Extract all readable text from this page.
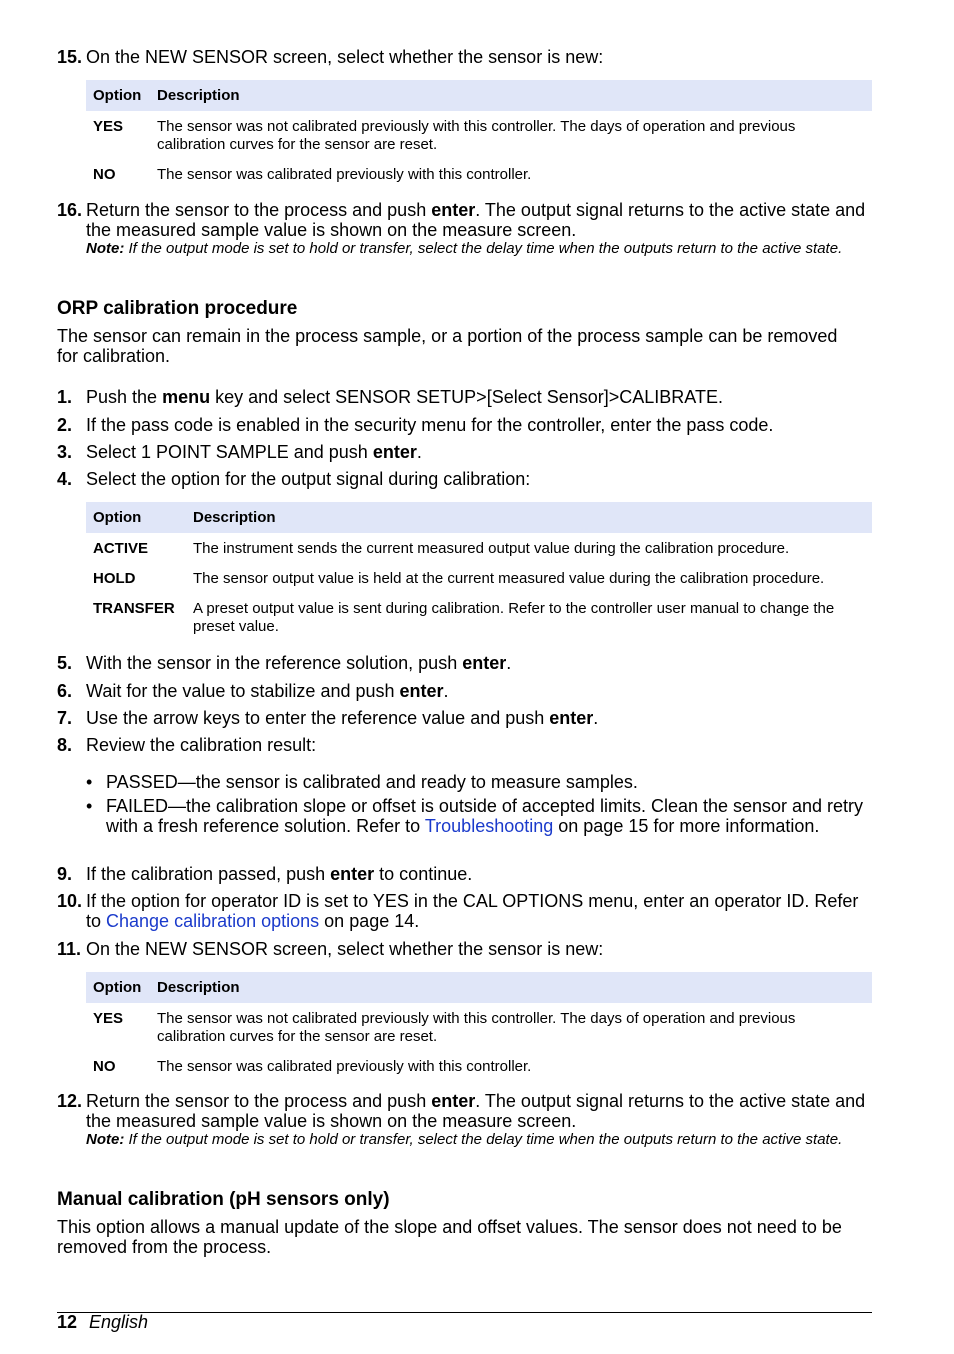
15. On the NEW SENSOR screen, select whether the sensor is new:
Option	Description
YES	The sensor was not calibrated previously with this controller. The days of operation and previous calibration curves for the sensor are reset.
NO	The sensor was calibrated previously with this controller.
16. Return the sensor to the process and push enter. The output signal returns to the active state and the measured sample value is shown on the measure screen.
Note: If the output mode is set to hold or transfer, select the delay time when the outputs return to the active state.
ORP calibration procedure
The sensor can remain in the process sample, or a portion of the process sample can be removed for calibration.
1. Push the menu key and select SENSOR SETUP>[Select Sensor]>CALIBRATE.
2. If the pass code is enabled in the security menu for the controller, enter the pass code.
3. Select 1 POINT SAMPLE and push enter.
4. Select the option for the output signal during calibration:
Option	Description
ACTIVE	The instrument sends the current measured output value during the calibration procedure.
HOLD	The sensor output value is held at the current measured value during the calibration procedure.
TRANSFER	A preset output value is sent during calibration. Refer to the controller user manual to change the preset value.
5. With the sensor in the reference solution, push enter.
6. Wait for the value to stabilize and push enter.
7. Use the arrow keys to enter the reference value and push enter.
8. Review the calibration result:
• PASSED—the sensor is calibrated and ready to measure samples.
• FAILED—the calibration slope or offset is outside of accepted limits. Clean the sensor and retry with a fresh reference solution. Refer to Troubleshooting on page 15 for more information.
9. If the calibration passed, push enter to continue.
10. If the option for operator ID is set to YES in the CAL OPTIONS menu, enter an operator ID. Refer to Change calibration options on page 14.
11. On the NEW SENSOR screen, select whether the sensor is new:
Option	Description
YES	The sensor was not calibrated previously with this controller. The days of operation and previous calibration curves for the sensor are reset.
NO	The sensor was calibrated previously with this controller.
12. Return the sensor to the process and push enter. The output signal returns to the active state and the measured sample value is shown on the measure screen.
Note: If the output mode is set to hold or transfer, select the delay time when the outputs return to the active state.
Manual calibration (pH sensors only)
This option allows a manual update of the slope and offset values. The sensor does not need to be removed from the process.
12 English
